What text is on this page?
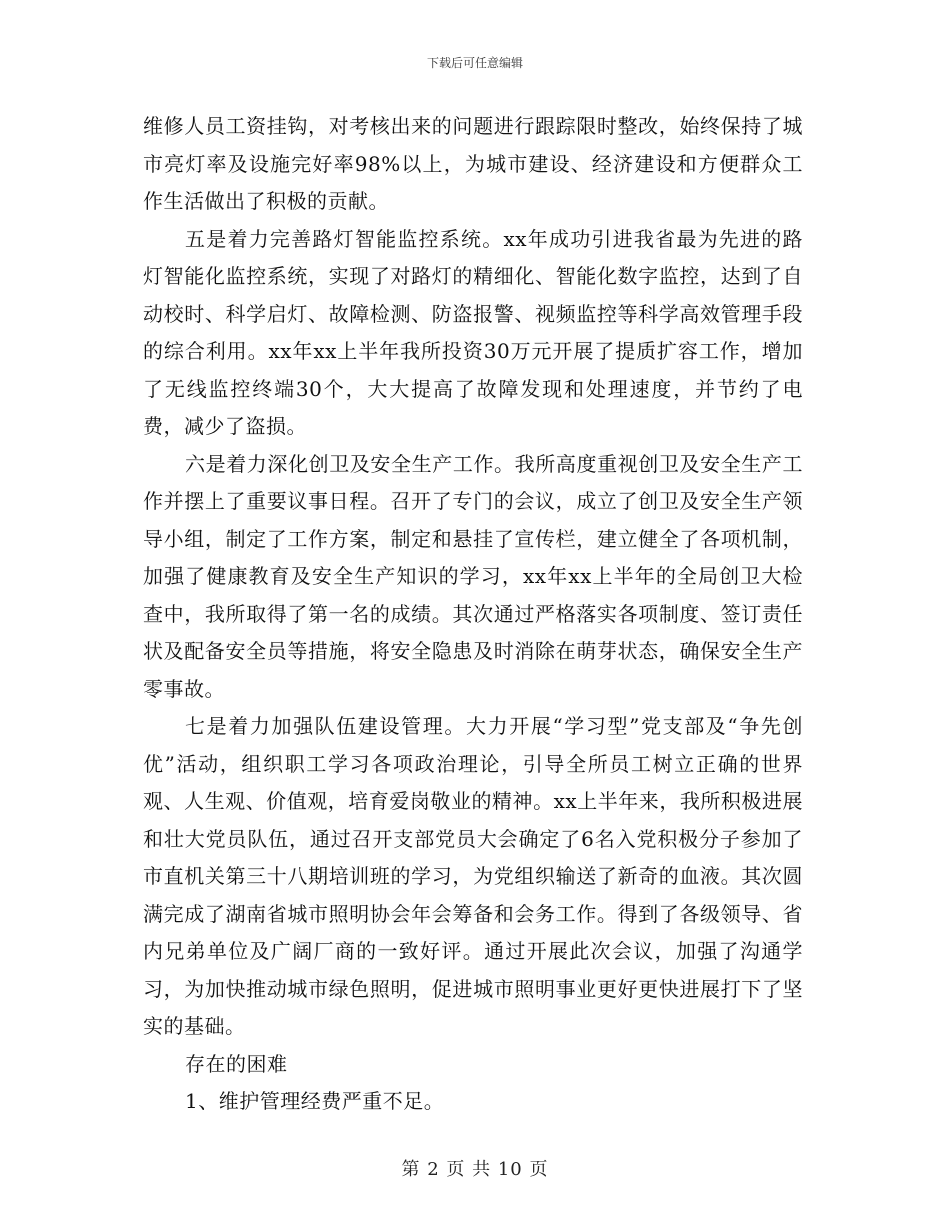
下载后可任意编辑

维修人员工资挂钩，对考核出来的问题进行跟踪限时整改，始终保持了城市亮灯率及设施完好率98%以上，为城市建设、经济建设和方便群众工作生活做出了积极的贡献。

五是着力完善路灯智能监控系统。xx年成功引进我省最为先进的路灯智能化监控系统，实现了对路灯的精细化、智能化数字监控，达到了自动校时、科学启灯、故障检测、防盗报警、视频监控等科学高效管理手段的综合利用。xx年xx上半年我所投资30万元开展了提质扩容工作，增加了无线监控终端30个，大大提高了故障发现和处理速度，并节约了电费，减少了盗损。

六是着力深化创卫及安全生产工作。我所高度重视创卫及安全生产工作并摆上了重要议事日程。召开了专门的会议，成立了创卫及安全生产领导小组，制定了工作方案，制定和悬挂了宣传栏，建立健全了各项机制，加强了健康教育及安全生产知识的学习，xx年xx上半年的全局创卫大检查中，我所取得了第一名的成绩。其次通过严格落实各项制度、签订责任状及配备安全员等措施，将安全隐患及时消除在萌芽状态，确保安全生产零事故。

七是着力加强队伍建设管理。大力开展“学习型”党支部及“争先创优”活动，组织职工学习各项政治理论，引导全所员工树立正确的世界观、人生观、价值观，培育爱岗敬业的精神。xx上半年来，我所积极进展和壮大党员队伍，通过召开支部党员大会确定了6名入党积极分子参加了市直机关第三十八期培训班的学习，为党组织输送了新奇的血液。其次圆满完成了湖南省城市照明协会年会筹备和会务工作。得到了各级领导、省内兄弟单位及广阔厂商的一致好评。通过开展此次会议，加强了沟通学习，为加快推动城市绿色照明，促进城市照明事业更好更快进展打下了坚实的基础。

存在的困难

1、维护管理经费严重不足。

第 2 页 共 10 页
